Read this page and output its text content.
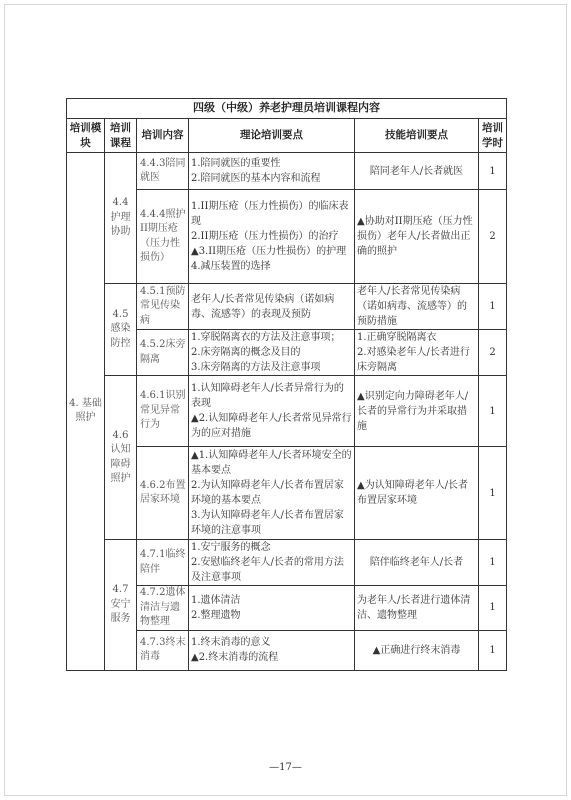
四级（中级）养老护理员培训课程内容					
培训模块	培训课程	培训内容	理论培训要点	技能培训要点	培训学时
4. 基础照护	4.4 护理协助	4.4.3陪同就医	1.陪同就医的重要性
2.陪同就医的基本内容和流程	陪同老年人/长者就医	1
		4.4.4照护II期压疮（压力性损伤）	1.II期压疮（压力性损伤）的临床表现
2.II期压疮（压力性损伤）的治疗
▲3.II期压疮（压力性损伤）的护理
4.减压装置的选择	▲协助对II期压疮（压力性损伤）老年人/长者做出正确的照护	2
	4.5 感染防控	4.5.1预防常见传染病	老年人/长者常见传染病（诺如病毒、流感等）的表现及预防	老年人/长者常见传染病（诺如病毒、流感等）的预防措施	1
		4.5.2床旁隔离	1.穿脱隔离衣的方法及注意事项；
2.床旁隔离的概念及目的
3.床旁隔离的方法及注意事项	1.正确穿脱隔离衣
2.对感染老年人/长者进行床旁隔离	2
	4.6 认知障碍照护	4.6.1识别常见异常行为	1.认知障碍老年人/长者异常行为的表现
▲2.认知障碍老年人/长者常见异常行为的应对措施	▲识别定向力障碍老年人/长者的异常行为并采取措施	1
		4.6.2布置居家环境	▲1.认知障碍老年人/长者环境安全的基本要点
2.为认知障碍老年人/长者布置居家环境的基本要点
3.为认知障碍老年人/长者布置居家环境的注意事项	▲为认知障碍老年人/长者布置居家环境	1
	4.7 安宁服务	4.7.1临终陪伴	1.安宁服务的概念
2.安慰临终老年人/长者的常用方法及注意事项	陪伴临终老年人/长者	1
		4.7.2遗体清洁与遗物整理	1.遗体清洁
2.整理遗物	为老年人/长者进行遗体清洁、遗物整理	1
		4.7.3终末消毒	1.终末消毒的意义
▲2.终末消毒的流程	▲正确进行终末消毒	1
—17—
